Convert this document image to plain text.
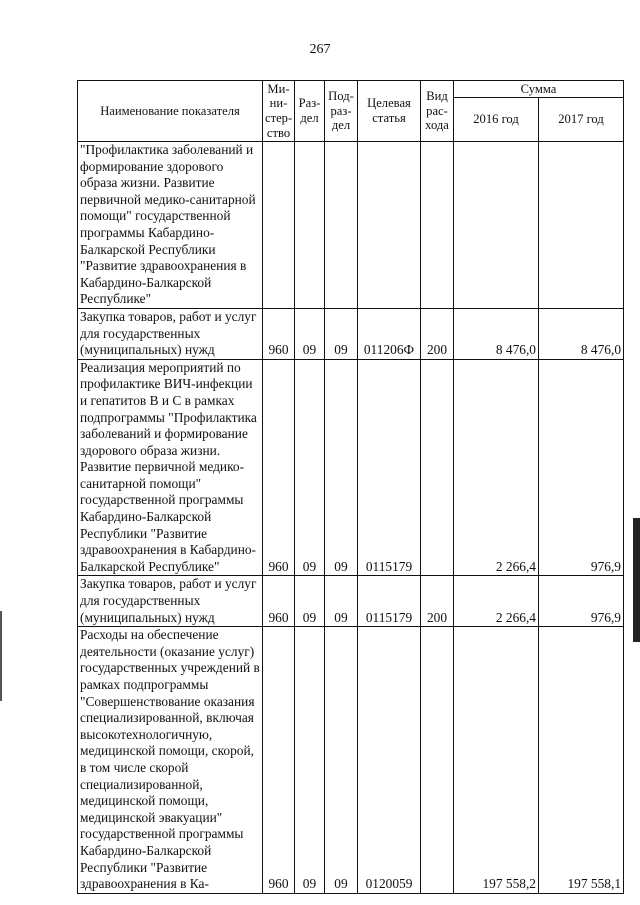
267
Наименование показателя	Ми-ни-стер-ство	Раз-дел	Под-раз-дел	Целевая статья	Вид рас-хода	Сумма	
						2016 год	2017 год
"Профилактика заболеваний и формирование здорового образа жизни. Развитие первичной медико-санитарной помощи" государственной программы Кабардино-Балкарской Республики "Развитие здравоохранения в Кабардино-Балкарской Республике"							
Закупка товаров, работ и услуг для государственных (муниципальных) нужд	960	09	09	011206Ф	200	8 476,0	8 476,0
Реализация мероприятий по профилактике ВИЧ-инфекции и гепатитов В и С в рамках подпрограммы "Профилактика заболеваний и формирование здорового образа жизни. Развитие первичной медико-санитарной помощи" государственной программы Кабардино-Балкарской Республики "Развитие здравоохранения в Кабардино-Балкарской Республике"	960	09	09	0115179		2 266,4	976,9
Закупка товаров, работ и услуг для государственных (муниципальных) нужд	960	09	09	0115179	200	2 266,4	976,9
Расходы на обеспечение деятельности (оказание услуг) государственных учреждений в рамках подпрограммы "Совершенствование оказания специализированной, включая высокотехнологичную, медицинской помощи, скорой, в том числе скорой специализированной, медицинской помощи, медицинской эвакуации" государственной программы Кабардино-Балкарской Республики "Развитие здравоохранения в Ка-	960	09	09	0120059		197 558,2	197 558,1
